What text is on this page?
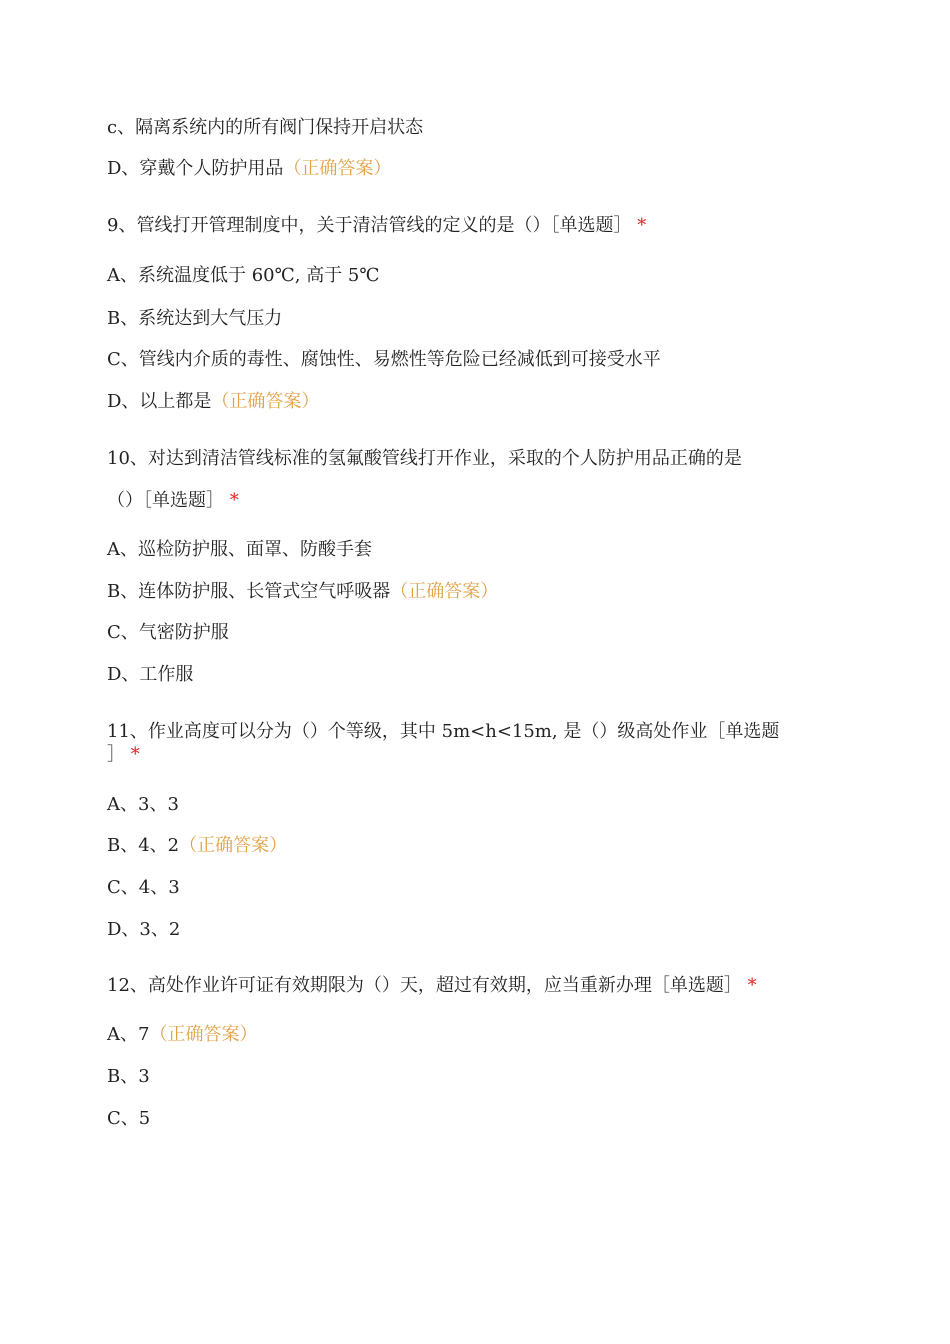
c、隔离系统内的所有阀门保持开启状态
D、穿戴个人防护用品（正确答案）
9、管线打开管理制度中，关于清洁管线的定义的是（）［单选题］ *
A、系统温度低于 60℃, 高于 5℃
B、系统达到大气压力
C、管线内介质的毒性、腐蚀性、易燃性等危险已经减低到可接受水平
D、以上都是（正确答案）
10、对达到清洁管线标准的氢氟酸管线打开作业，采取的个人防护用品正确的是
（）［单选题］ *
A、巡检防护服、面罩、防酸手套
B、连体防护服、长管式空气呼吸器（正确答案）
C、气密防护服
D、工作服
11、作业高度可以分为（）个等级，其中 5m<h<15m, 是（）级高处作业［单选题
］ *
A、3、3
B、4、2（正确答案）
C、4、3
D、3、2
12、高处作业许可证有效期限为（）天，超过有效期，应当重新办理［单选题］ *
A、7（正确答案）
B、3
C、5
